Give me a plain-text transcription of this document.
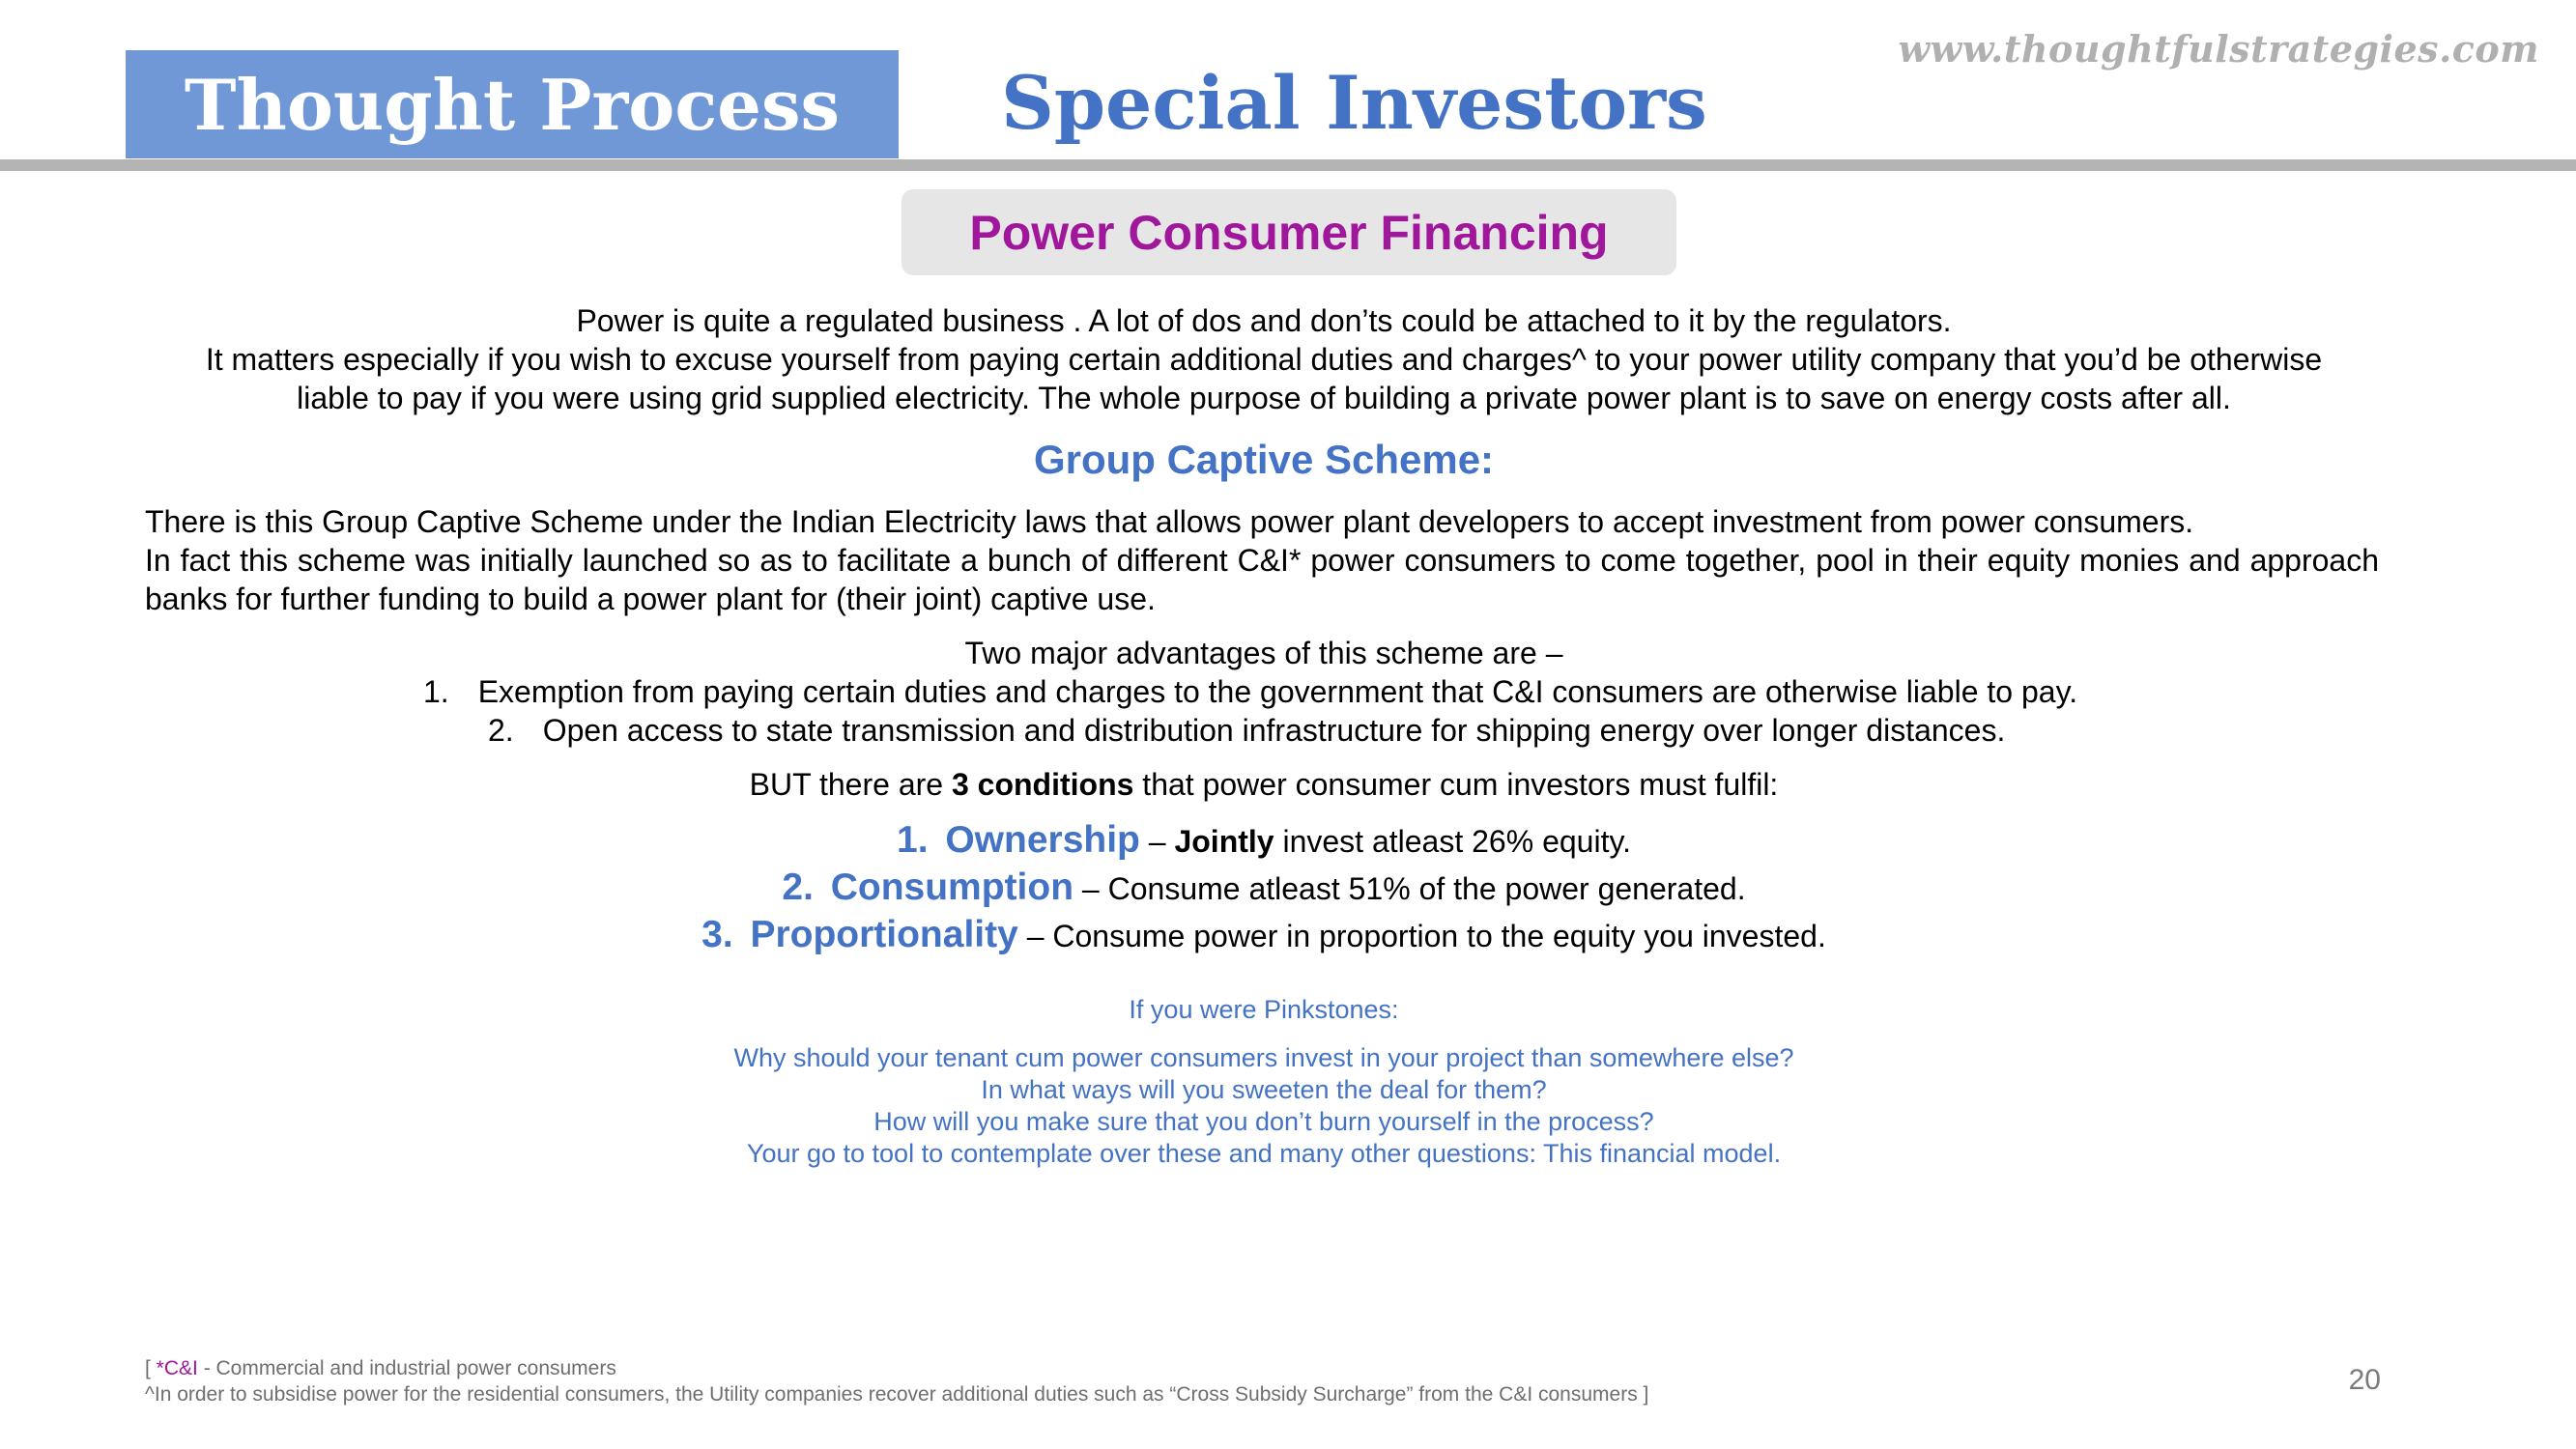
www.thoughtfulstrategies.com
Thought Process Special Investors
Power Consumer Financing
Power is quite a regulated business . A lot of dos and don’ts could be attached to it by the regulators.
It matters especially if you wish to excuse yourself from paying certain additional duties and charges^ to your power utility company that you’d be otherwise
liable to pay if you were using grid supplied electricity. The whole purpose of building a private power plant is to save on energy costs after all.
Group Captive Scheme:
There is this Group Captive Scheme under the Indian Electricity laws that allows power plant developers to accept investment from power consumers.
In fact this scheme was initially launched so as to facilitate a bunch of different C&I* power consumers to come together, pool in their equity monies and approach banks for further funding to build a power plant for (their joint) captive use.
Two major advantages of this scheme are –
1. Exemption from paying certain duties and charges to the government that C&I consumers are otherwise liable to pay.
2. Open access to state transmission and distribution infrastructure for shipping energy over longer distances.
BUT there are 3 conditions that power consumer cum investors must fulfil:
1. Ownership – Jointly invest atleast 26% equity.
2. Consumption – Consume atleast 51% of the power generated.
3. Proportionality – Consume power in proportion to the equity you invested.
If you were Pinkstones:
Why should your tenant cum power consumers invest in your project than somewhere else?
In what ways will you sweeten the deal for them?
How will you make sure that you don’t burn yourself in the process?
Your go to tool to contemplate over these and many other questions: This financial model.
[ *C&I - Commercial and industrial power consumers
^In order to subsidise power for the residential consumers, the Utility companies recover additional duties such as “Cross Subsidy Surcharge” from the C&I consumers ]	20
